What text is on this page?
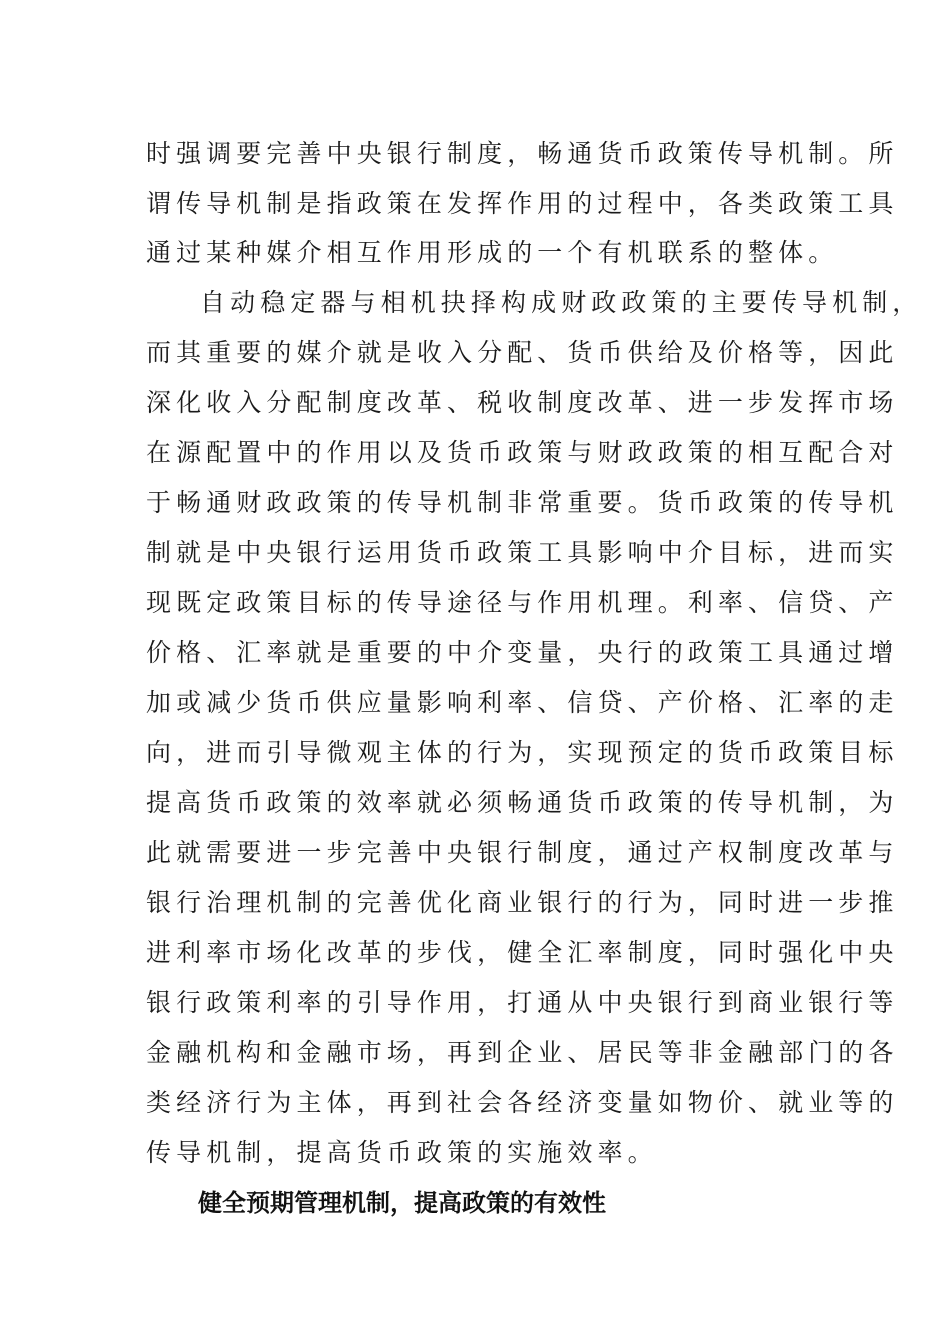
时强调要完善中央银行制度，畅通货币政策传导机制。所
谓传导机制是指政策在发挥作用的过程中，各类政策工具
通过某种媒介相互作用形成的一个有机联系的整体。
自动稳定器与相机抉择构成财政政策的主要传导机制，
而其重要的媒介就是收入分配、货币供给及价格等，因此
深化收入分配制度改革、税收制度改革、进一步发挥市场
在源配置中的作用以及货币政策与财政政策的相互配合对
于畅通财政政策的传导机制非常重要。货币政策的传导机
制就是中央银行运用货币政策工具影响中介目标，进而实
现既定政策目标的传导途径与作用机理。利率、信贷、产
价格、汇率就是重要的中介变量，央行的政策工具通过增
加或减少货币供应量影响利率、信贷、产价格、汇率的走
向，进而引导微观主体的行为，实现预定的货币政策目标
提高货币政策的效率就必须畅通货币政策的传导机制，为
此就需要进一步完善中央银行制度，通过产权制度改革与
银行治理机制的完善优化商业银行的行为，同时进一步推
进利率市场化改革的步伐，健全汇率制度，同时强化中央
银行政策利率的引导作用，打通从中央银行到商业银行等
金融机构和金融市场，再到企业、居民等非金融部门的各
类经济行为主体，再到社会各经济变量如物价、就业等的
传导机制，提高货币政策的实施效率。
健全预期管理机制，提高政策的有效性
